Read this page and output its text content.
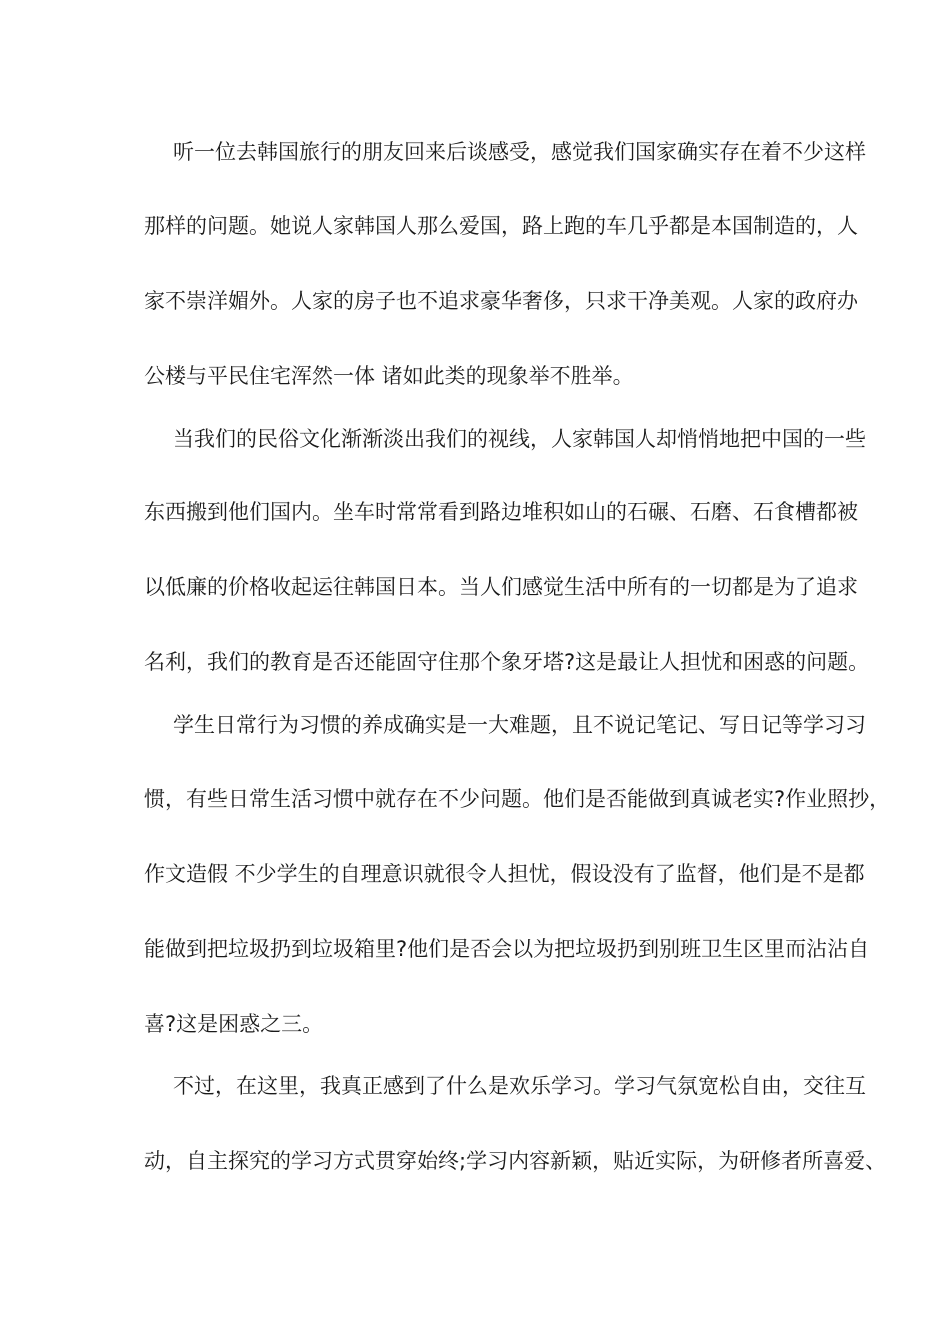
听一位去韩国旅行的朋友回来后谈感受，感觉我们国家确实存在着不少这样
那样的问题。她说人家韩国人那么爱国，路上跑的车几乎都是本国制造的，人
家不崇洋媚外。人家的房子也不追求豪华奢侈，只求干净美观。人家的政府办
公楼与平民住宅浑然一体 诸如此类的现象举不胜举。
当我们的民俗文化渐渐淡出我们的视线，人家韩国人却悄悄地把中国的一些
东西搬到他们国内。坐车时常常看到路边堆积如山的石碾、石磨、石食槽都被
以低廉的价格收起运往韩国日本。当人们感觉生活中所有的一切都是为了追求
名利，我们的教育是否还能固守住那个象牙塔?这是最让人担忧和困惑的问题。
学生日常行为习惯的养成确实是一大难题，且不说记笔记、写日记等学习习
惯，有些日常生活习惯中就存在不少问题。他们是否能做到真诚老实?作业照抄，
作文造假 不少学生的自理意识就很令人担忧，假设没有了监督，他们是不是都
能做到把垃圾扔到垃圾箱里?他们是否会以为把垃圾扔到别班卫生区里而沾沾自
喜?这是困惑之三。
不过，在这里，我真正感到了什么是欢乐学习。学习气氛宽松自由，交往互
动，自主探究的学习方式贯穿始终;学习内容新颖，贴近实际，为研修者所喜爱、
